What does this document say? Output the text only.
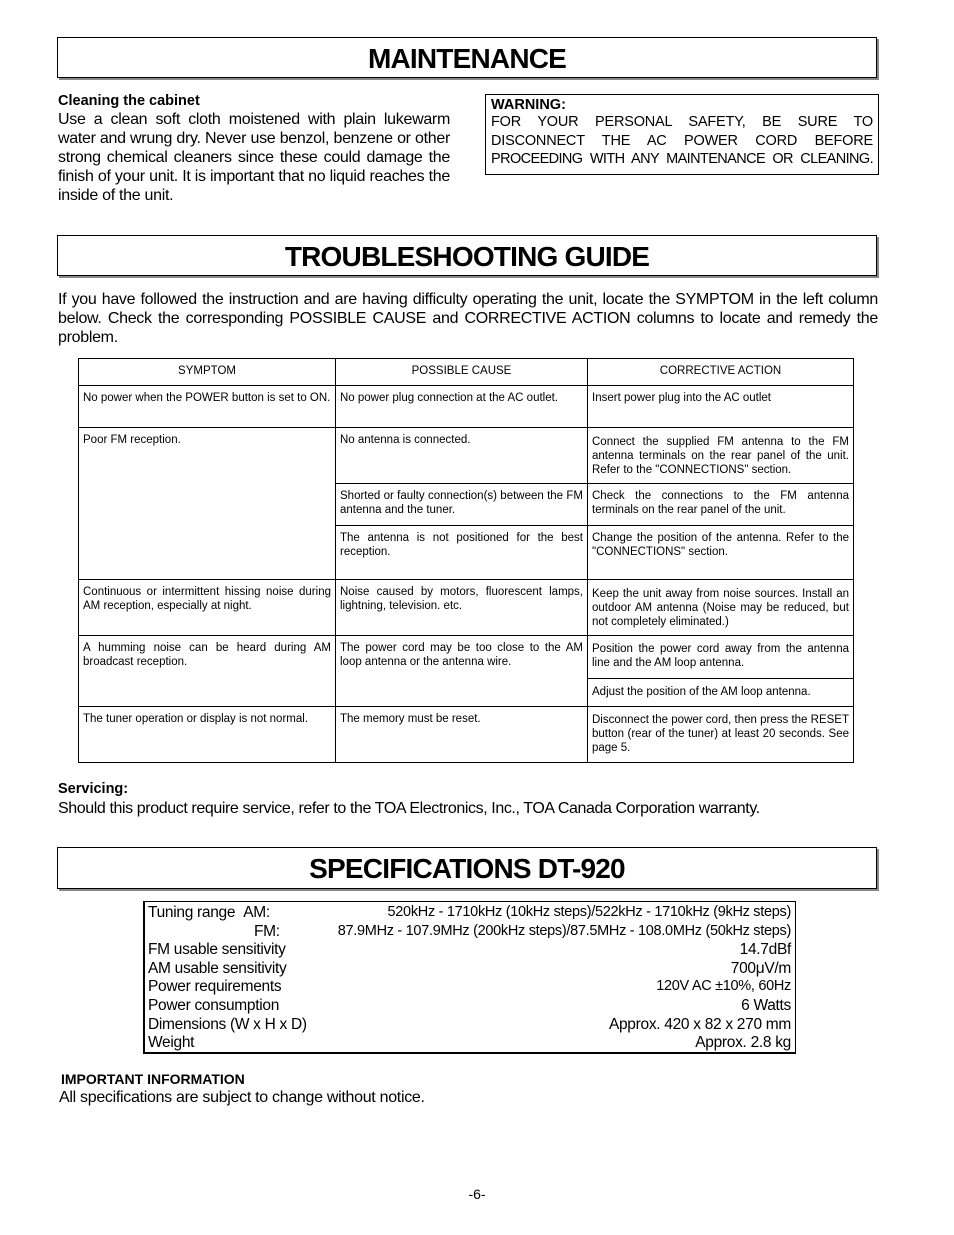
MAINTENANCE
Cleaning the cabinet
Use a clean soft cloth moistened with plain lukewarm
water and wrung dry. Never use benzol, benzene or other
strong chemical cleaners since these could damage the
finish of your unit. It is important that no liquid reaches the
inside of the unit.
WARNING:
FOR YOUR PERSONAL SAFETY, BE SURE TO
DISCONNECT THE AC POWER CORD BEFORE
PROCEEDING WITH ANY MAINTENANCE OR CLEANING.
TROUBLESHOOTING GUIDE
If you have followed the instruction and are having difficulty operating the unit, locate the SYMPTOM in the left column
below. Check the corresponding POSSIBLE CAUSE and CORRECTIVE ACTION columns to locate and remedy the
problem.
SYMPTOM	POSSIBLE CAUSE	CORRECTIVE ACTION
No power when the POWER button is set to ON.	No power plug connection at the AC outlet.	Insert power plug into the AC outlet
Poor FM reception.	No antenna is connected.	Connect the supplied FM antenna to the FM antenna terminals on the rear panel of the unit. Refer to the "CONNECTIONS" section.
	Shorted or faulty connection(s) between the FM antenna and the tuner.	Check the connections to the FM antenna terminals on the rear panel of the unit.
	The antenna is not positioned for the best reception.	Change the position of the antenna. Refer to the "CONNECTIONS" section.
Continuous or intermittent hissing noise during AM reception, especially at night.	Noise caused by motors, fluorescent lamps, lightning, television. etc.	Keep the unit away from noise sources. Install an outdoor AM antenna (Noise may be reduced, but not completely eliminated.)
A humming noise can be heard during AM broadcast reception.	The power cord may be too close to the AM loop antenna or the antenna wire.	Position the power cord away from the antenna line and the AM loop antenna.
		Adjust the position of the AM loop antenna.
The tuner operation or display is not normal.	The memory must be reset.	Disconnect the power cord, then press the RESET button (rear of the tuner) at least 20 seconds. See page 5.
Servicing:
Should this product require service, refer to the TOA Electronics, Inc., TOA Canada Corporation warranty.
SPECIFICATIONS DT-920
Tuning range AM:	520kHz - 1710kHz (10kHz steps)/522kHz - 1710kHz (9kHz steps)
FM:	87.9MHz - 107.9MHz (200kHz steps)/87.5MHz - 108.0MHz (50kHz steps)
FM usable sensitivity	14.7dBf
AM usable sensitivity	700μV/m
Power requirements	120V AC ±10%, 60Hz
Power consumption	6 Watts
Dimensions (W x H x D)	Approx. 420 x 82 x 270 mm
Weight	Approx. 2.8 kg
IMPORTANT INFORMATION
All specifications are subject to change without notice.
-6-
